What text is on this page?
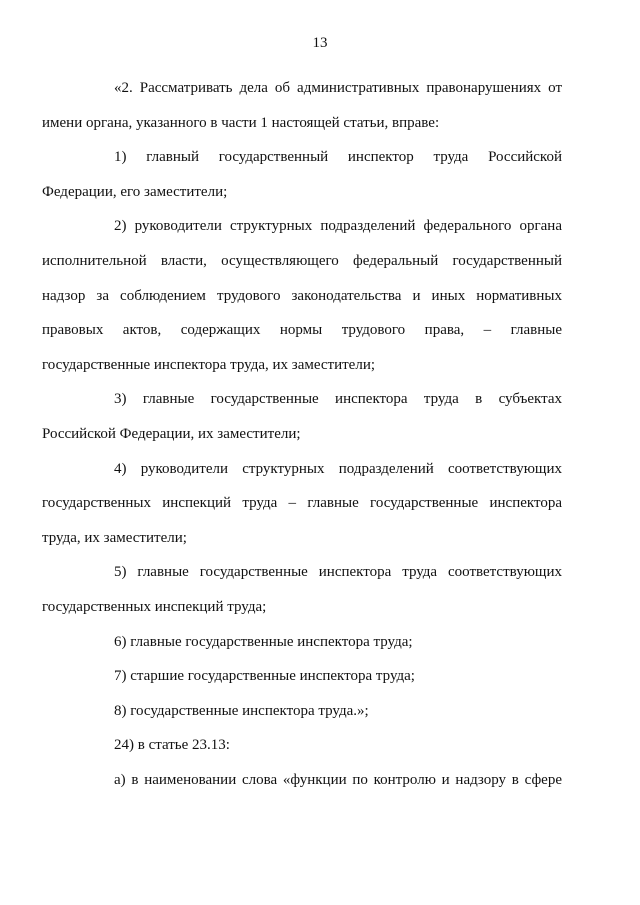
13

«2. Рассматривать дела об административных правонарушениях от
имени органа, указанного в части 1 настоящей статьи, вправе:

1) главный государственный инспектор труда Российской
Федерации, его заместители;

2) руководители структурных подразделений федерального органа
исполнительной власти, осуществляющего федеральный государственный
надзор за соблюдением трудового законодательства и иных нормативных
правовых актов, содержащих нормы трудового права, – главные
государственные инспектора труда, их заместители;

3) главные государственные инспектора труда в субъектах
Российской Федерации, их заместители;

4) руководители структурных подразделений соответствующих
государственных инспекций труда – главные государственные инспектора
труда, их заместители;

5) главные государственные инспектора труда соответствующих
государственных инспекций труда;

6) главные государственные инспектора труда;

7) старшие государственные инспектора труда;

8) государственные инспектора труда.»;

24) в статье 23.13:

а) в наименовании слова «функции по контролю и надзору в сфере
